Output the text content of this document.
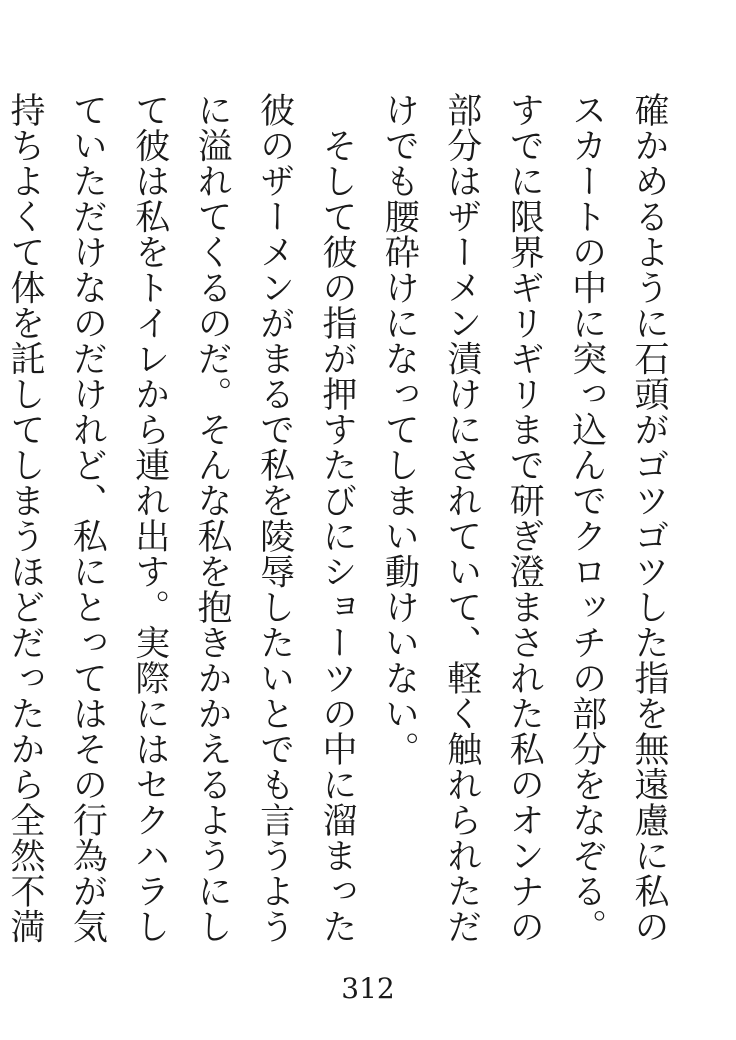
確かめるように石頭がゴツゴツした指を無遠慮に私のスカートの中に突っ込んでクロッチの部分をなぞる。すでに限界ギリギリまで研ぎ澄まされた私のオンナの部分はザーメン漬けにされていて、軽く触れられただけでも腰砕けになってしまい動けいない。

　そして彼の指が押すたびにショーツの中に溜まった彼のザーメンがまるで私を陵辱したいとでも言うように溢れてくるのだ。そんな私を抱きかかえるようにして彼は私をトイレから連れ出す。実際にはセクハラしていただけなのだけれど、私にとってはその行為が気持ちよくて体を託してしまうほどだったから全然不満

312
